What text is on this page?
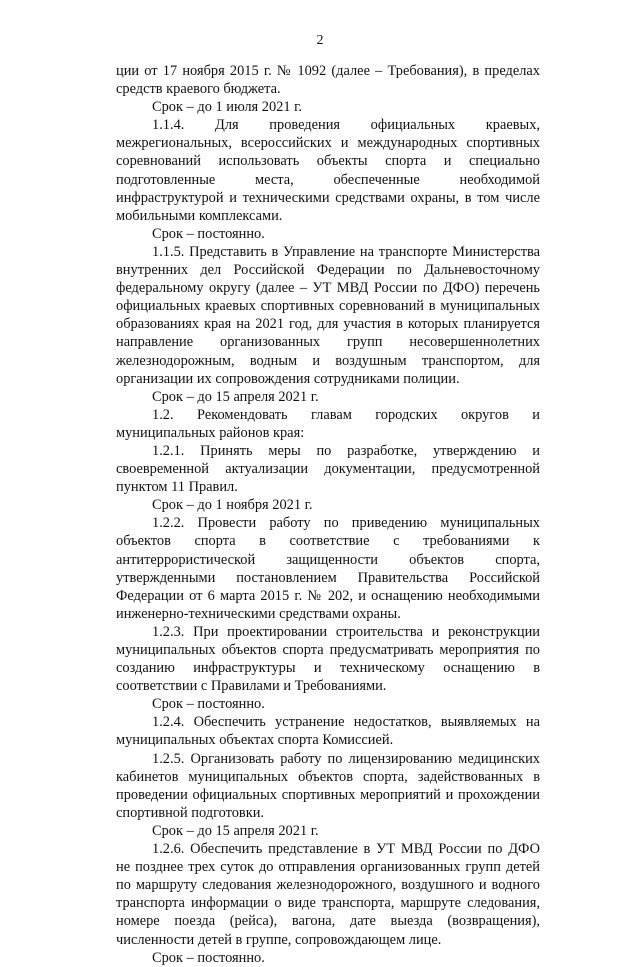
2

ции от 17 ноября 2015 г. № 1092 (далее – Требования), в пределах средств краевого бюджета.

Срок – до 1 июля 2021 г.

1.1.4. Для проведения официальных краевых, межрегиональных, всероссийских и международных спортивных соревнований использовать объекты спорта и специально подготовленные места, обеспеченные необходимой инфраструктурой и техническими средствами охраны, в том числе мобильными комплексами.

Срок – постоянно.

1.1.5. Представить в Управление на транспорте Министерства внутренних дел Российской Федерации по Дальневосточному федеральному округу (далее – УТ МВД России по ДФО) перечень официальных краевых спортивных соревнований в муниципальных образованиях края на 2021 год, для участия в которых планируется направление организованных групп несовершеннолетних железнодорожным, водным и воздушным транспортом, для организации их сопровождения сотрудниками полиции.

Срок – до 15 апреля 2021 г.

1.2. Рекомендовать главам городских округов и муниципальных районов края:

1.2.1. Принять меры по разработке, утверждению и своевременной актуализации документации, предусмотренной пунктом 11 Правил.

Срок – до 1 ноября 2021 г.

1.2.2. Провести работу по приведению муниципальных объектов спорта в соответствие с требованиями к антитеррористической защищенности объектов спорта, утвержденными постановлением Правительства Российской Федерации от 6 марта 2015 г. № 202, и оснащению необходимыми инженерно-техническими средствами охраны.

1.2.3. При проектировании строительства и реконструкции муниципальных объектов спорта предусматривать мероприятия по созданию инфраструктуры и техническому оснащению в соответствии с Правилами и Требованиями.

Срок – постоянно.

1.2.4. Обеспечить устранение недостатков, выявляемых на муниципальных объектах спорта Комиссией.

1.2.5. Организовать работу по лицензированию медицинских кабинетов муниципальных объектов спорта, задействованных в проведении официальных спортивных мероприятий и прохождении спортивной подготовки.

Срок – до 15 апреля 2021 г.

1.2.6. Обеспечить представление в УТ МВД России по ДФО не позднее трех суток до отправления организованных групп детей по маршруту следования железнодорожного, воздушного и водного транспорта информации о виде транспорта, маршруте следования, номере поезда (рейса), вагона, дате выезда (возвращения), численности детей в группе, сопровождающем лице.

Срок – постоянно.
